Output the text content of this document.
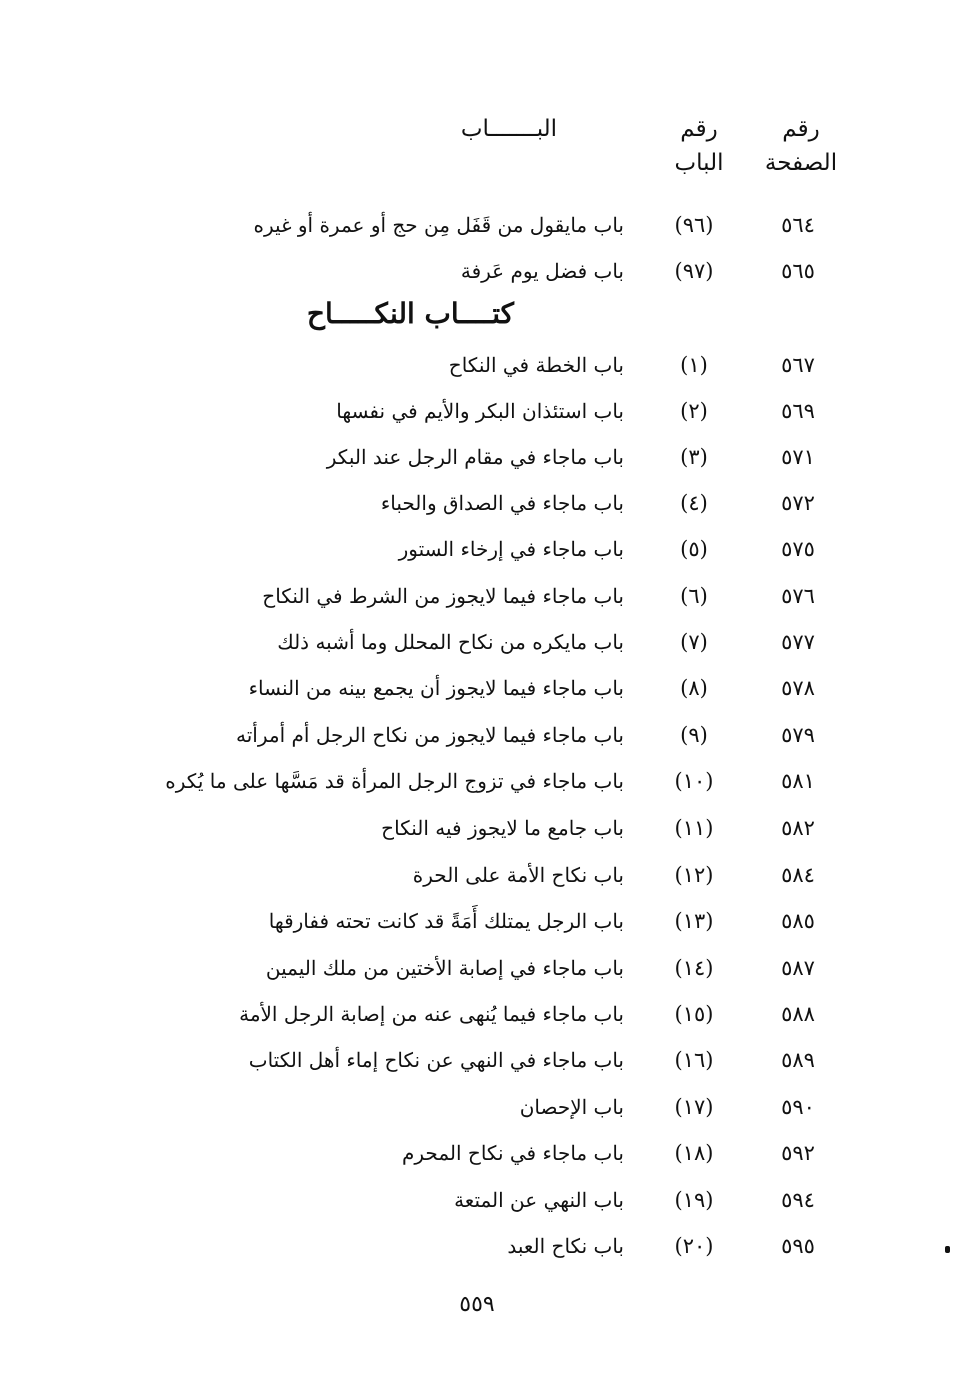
رقم
الصفحة
رقم
الباب
البـــــــاب
٥٦٤
(٩٦)
باب مايقول من قَفَل مِن حج أو عمرة أو غيره
٥٦٥
(٩٧)
باب فضل يوم عَرفة
كتــــاب النكـــــاح
٥٦٧
(١)
باب الخطة في النكاح
٥٦٩
(٢)
باب استئذان البكر والأيم في نفسها
٥٧١
(٣)
باب ماجاء في مقام الرجل عند البكر
٥٧٢
(٤)
باب ماجاء في الصداق والحباء
٥٧٥
(٥)
باب ماجاء في إرخاء الستور
٥٧٦
(٦)
باب ماجاء فيما لايجوز من الشرط في النكاح
٥٧٧
(٧)
باب مايكره من نكاح المحلل وما أشبه ذلك
٥٧٨
(٨)
باب ماجاء فيما لايجوز أن يجمع بينه من النساء
٥٧٩
(٩)
باب ماجاء فيما لايجوز من نكاح الرجل أم أمرأته
٥٨١
(١٠)
باب ماجاء في تزوج الرجل المرأة قد مَسَّها على ما يُكره
٥٨٢
(١١)
باب جامع ما لايجوز فيه النكاح
٥٨٤
(١٢)
باب نكاح الأمة على الحرة
٥٨٥
(١٣)
باب الرجل يمتلك أَمَةً قد كانت تحته ففارقها
٥٨٧
(١٤)
باب ماجاء في إصابة الأختين من ملك اليمين
٥٨٨
(١٥)
باب ماجاء فيما يُنهى عنه من إصابة الرجل الأمة
٥٨٩
(١٦)
باب ماجاء في النهي عن نكاح إماء أهل الكتاب
٥٩٠
(١٧)
باب الإحصان
٥٩٢
(١٨)
باب ماجاء في نكاح المحرم
٥٩٤
(١٩)
باب النهي عن المتعة
٥٩٥
(٢٠)
باب نكاح العبد
٥٥٩
